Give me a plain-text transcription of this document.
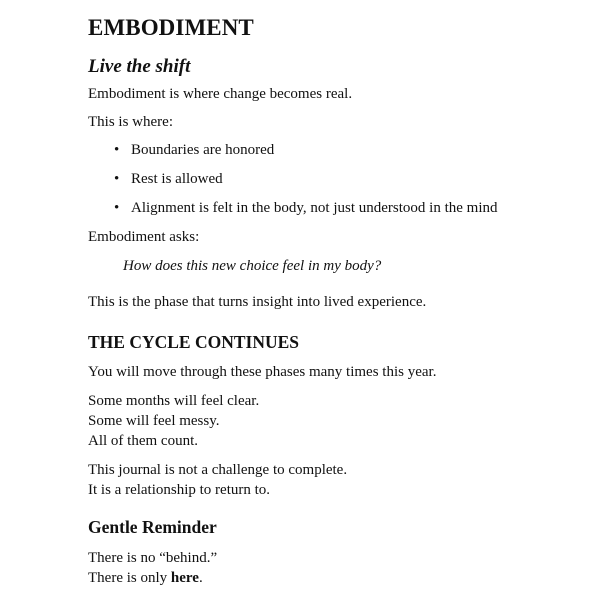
EMBODIMENT
Live the shift

Embodiment is where change becomes real.

This is where:

• Boundaries are honored
• Rest is allowed
• Alignment is felt in the body, not just understood in the mind

Embodiment asks:

How does this new choice feel in my body?

This is the phase that turns insight into lived experience.

THE CYCLE CONTINUES

You will move through these phases many times this year.

Some months will feel clear.

Some will feel messy.

All of them count.

This journal is not a challenge to complete.

It is a relationship to return to.

Gentle Reminder

There is no “behind.”

There is only here.
